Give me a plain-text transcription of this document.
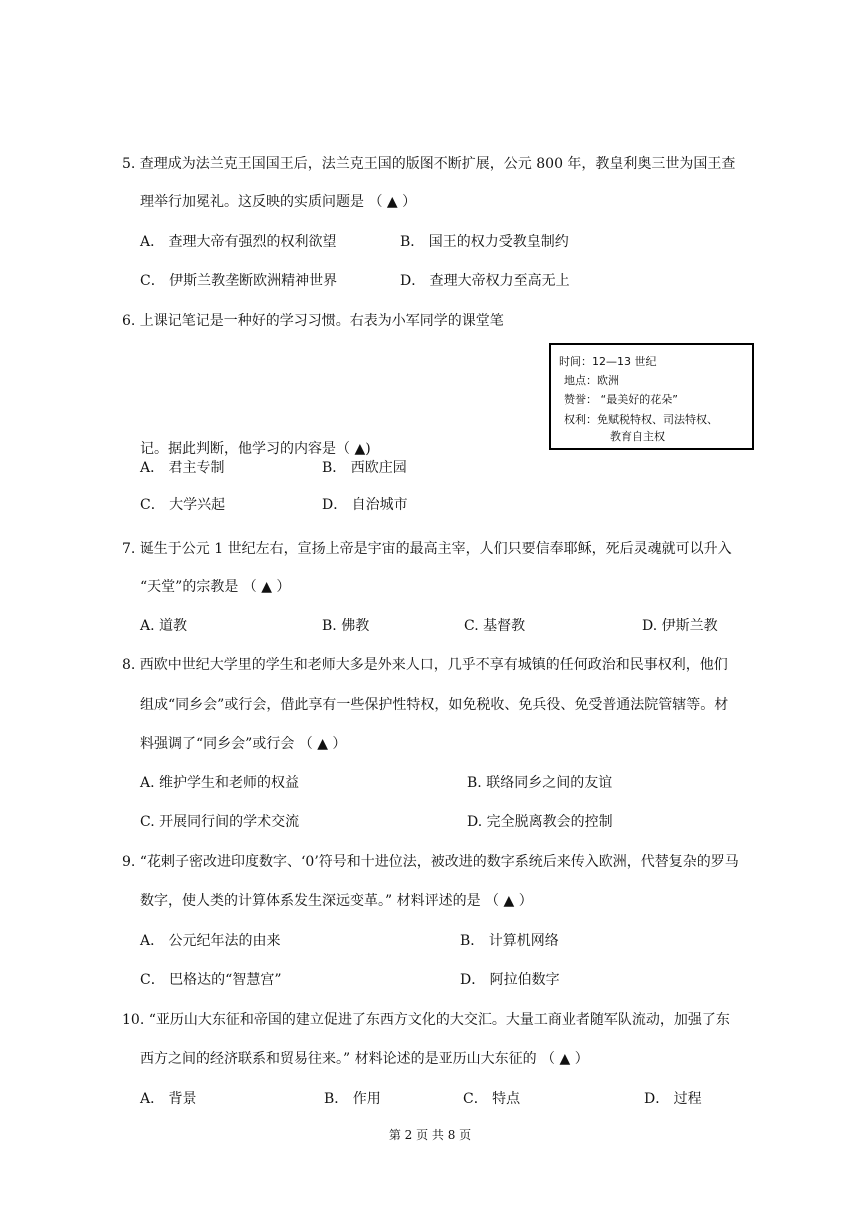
5. 查理成为法兰克王国国王后，法兰克王国的版图不断扩展，公元 800 年，教皇利奥三世为国王查
理举行加冕礼。这反映的实质问题是 （ ▲ ）
A． 查理大帝有强烈的权利欲望	B． 国王的权力受教皇制约
C． 伊斯兰教垄断欧洲精神世界	D． 查理大帝权力至高无上
6. 上课记笔记是一种好的学习习惯。右表为小军同学的课堂笔
时间：12—13 世纪
地点：欧洲
赞誉： “最美好的花朵”
权利：免赋税特权、司法特权、
教育自主权
记。据此判断，他学习的内容是（ ▲)
A． 君主专制	B． 西欧庄园
C． 大学兴起	D． 自治城市
7. 诞生于公元 1 世纪左右，宣扬上帝是宇宙的最高主宰，人们只要信奉耶稣，死后灵魂就可以升入
“天堂”的宗教是 （ ▲ ）
A. 道教	B. 佛教	C. 基督教	D. 伊斯兰教
8. 西欧中世纪大学里的学生和老师大多是外来人口，几乎不享有城镇的任何政治和民事权利，他们
组成“同乡会”或行会，借此享有一些保护性特权，如免税收、免兵役、免受普通法院管辖等。材
料强调了“同乡会”或行会 （ ▲ ）
A. 维护学生和老师的权益	B. 联络同乡之间的友谊
C. 开展同行间的学术交流	D. 完全脱离教会的控制
9. “花剌子密改进印度数字、‘0’符号和十进位法，被改进的数字系统后来传入欧洲，代替复杂的罗马
数字，使人类的计算体系发生深远变革。” 材料评述的是 （ ▲ ）
A． 公元纪年法的由来	B． 计算机网络
C． 巴格达的“智慧宫”	D． 阿拉伯数字
10. “亚历山大东征和帝国的建立促进了东西方文化的大交汇。大量工商业者随军队流动，加强了东
西方之间的经济联系和贸易往来。” 材料论述的是亚历山大东征的 （ ▲ ）
A． 背景	B． 作用	C． 特点	D． 过程
第 2 页 共 8 页
